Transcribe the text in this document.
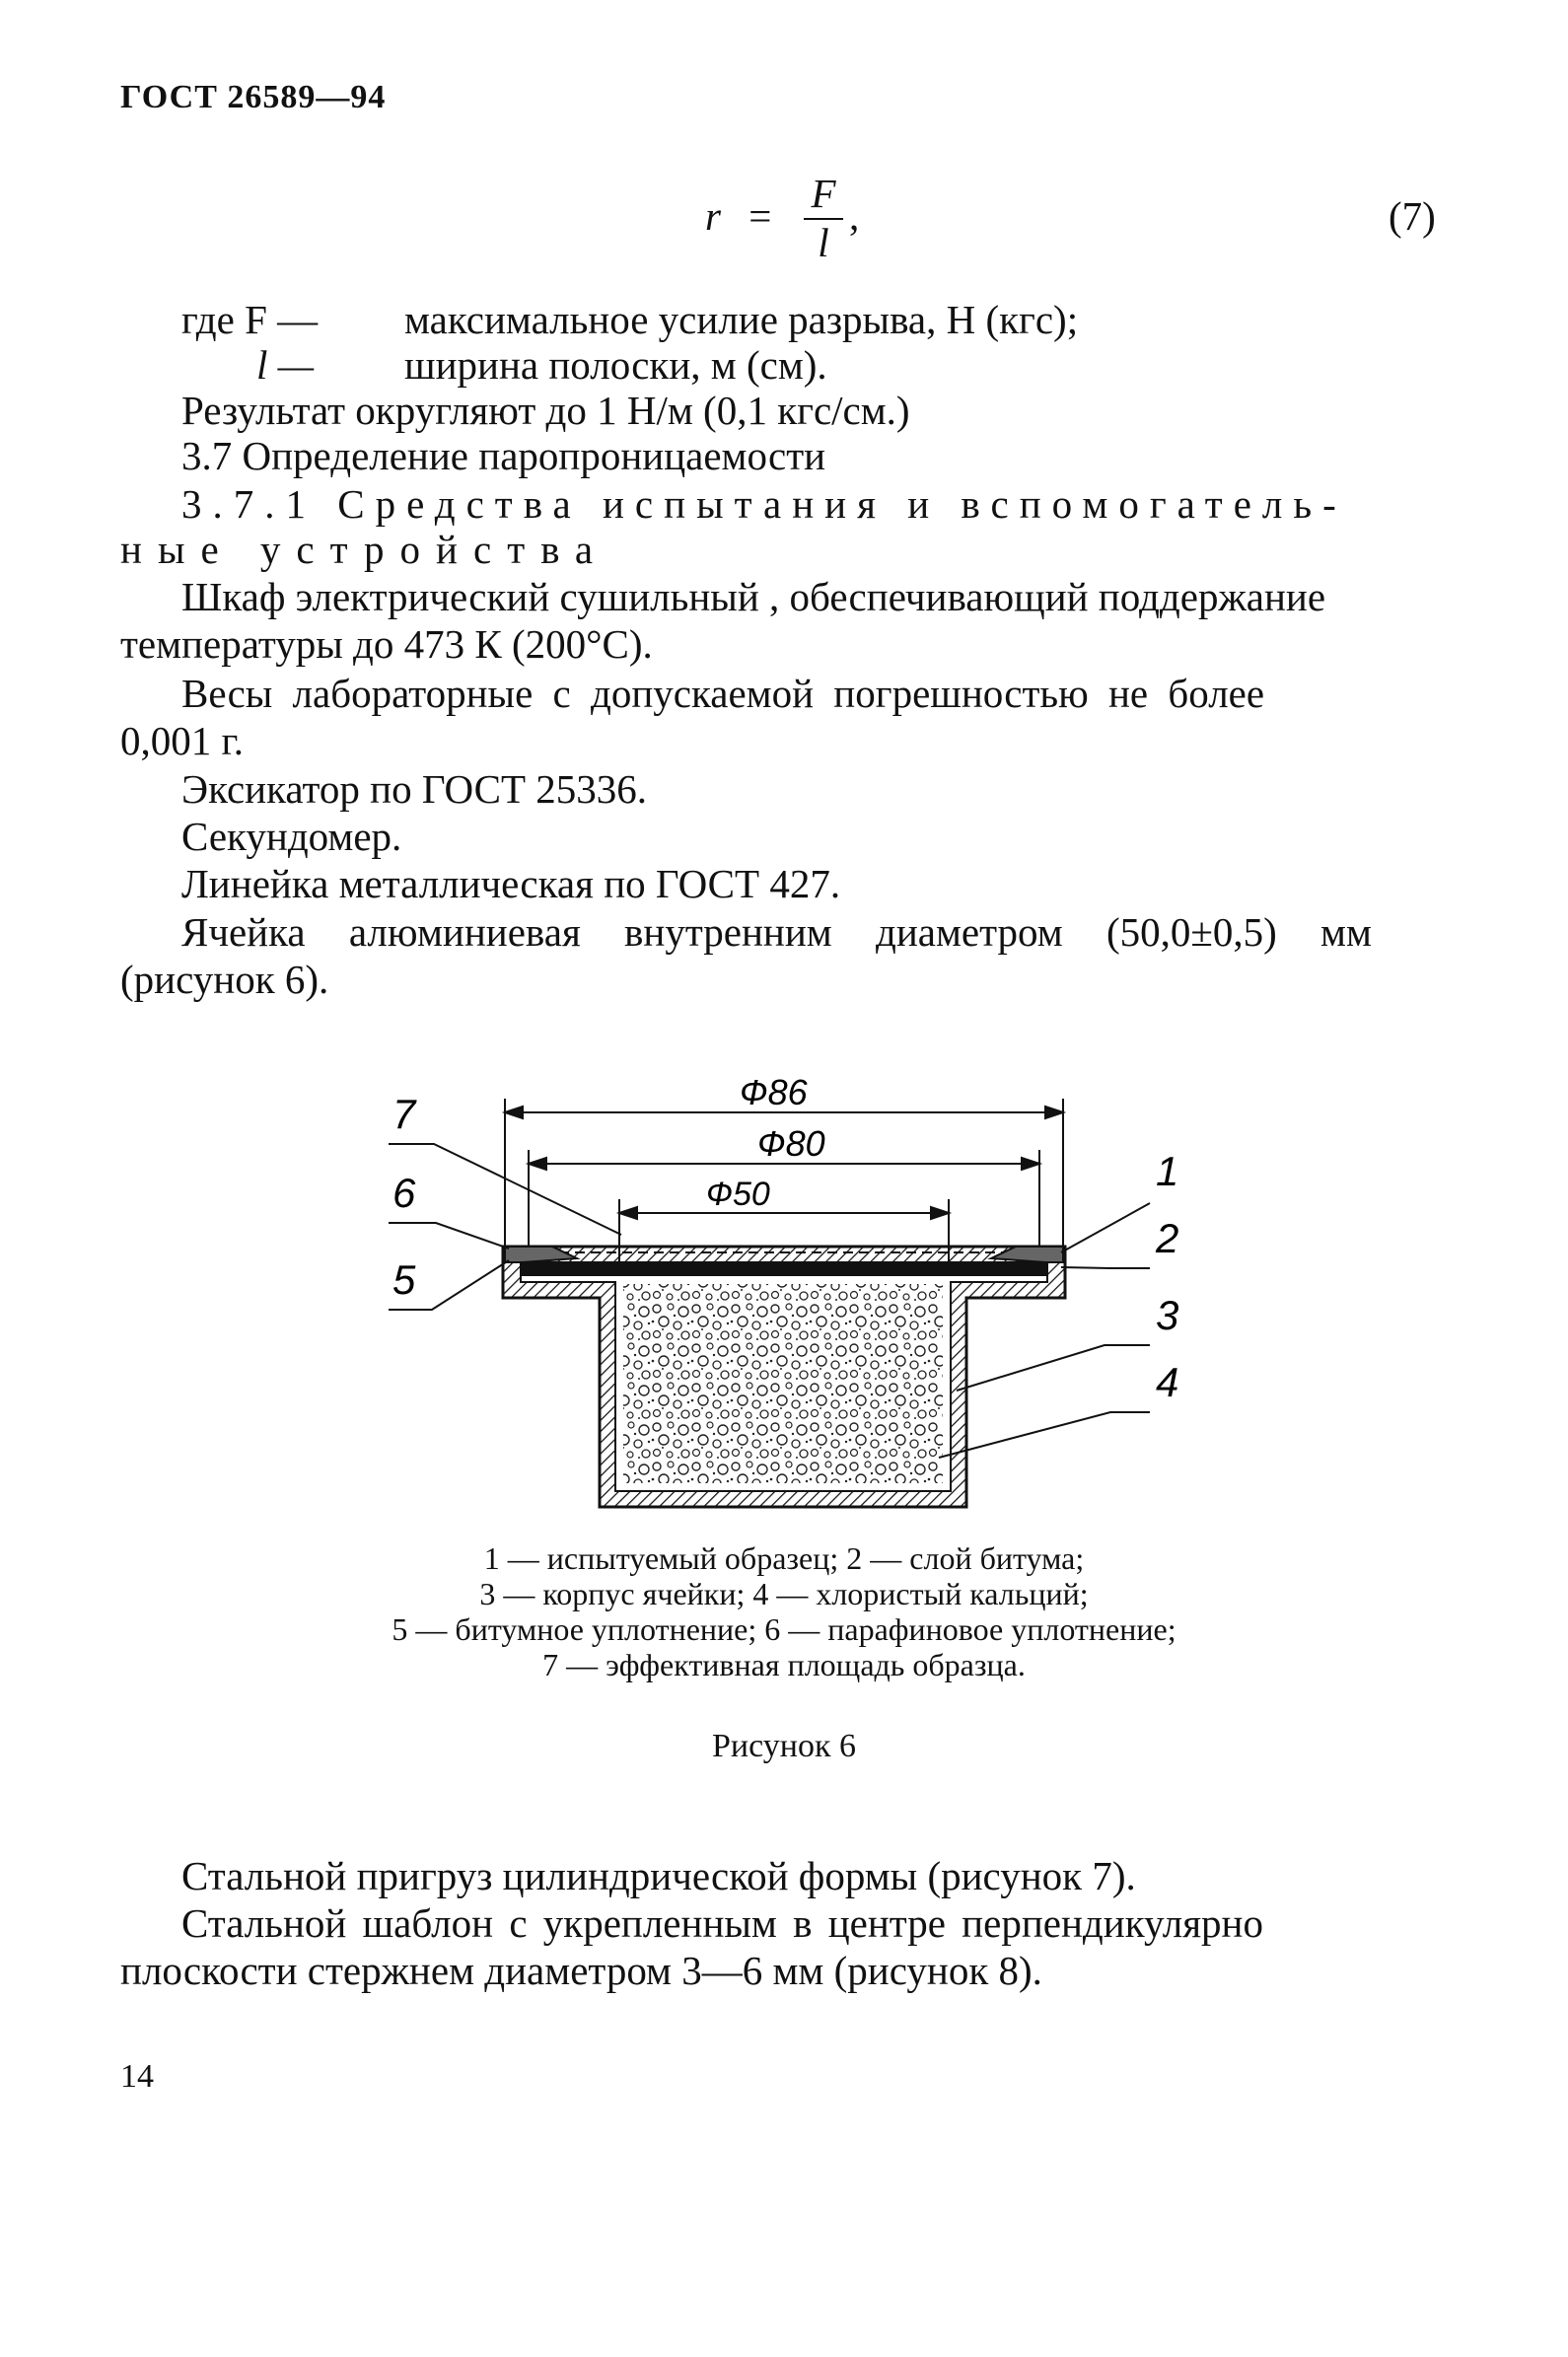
ГОСТ 26589—94
r = F
l
,	(7)
где F — максимальное усилие разрыва, Н (кгс);
l — ширина полоски, м (см).
Результат округляют до 1 Н/м (0,1 кгс/см.)
3.7 Определение паропроницаемости
3.7.1 Средства испытания и вспомогатель-
ные устройства
Шкаф электрический сушильный , обеспечивающий поддержание
температуры до 473 К (200°С).
Весы лабораторные с допускаемой погрешностью не более
0,001 г.
Эксикатор по ГОСТ 25336.
Секундомер.
Линейка металлическая по ГОСТ 427.
Ячейка алюминиевая внутренним диаметром (50,0±0,5) мм
(рисунок 6).
Ф86
Ф80
Ф50
7
6
5
1
2
3
4
1 — испытуемый образец; 2 — слой битума;
3 — корпус ячейки; 4 — хлористый кальций;
5 — битумное уплотнение; 6 — парафиновое уплотнение;
7 — эффективная площадь образца.
Рисунок 6
Стальной пригруз цилиндрической формы (рисунок 7).
Стальной шаблон с укрепленным в центре перпендикулярно
плоскости стержнем диаметром 3—6 мм (рисунок 8).
14
